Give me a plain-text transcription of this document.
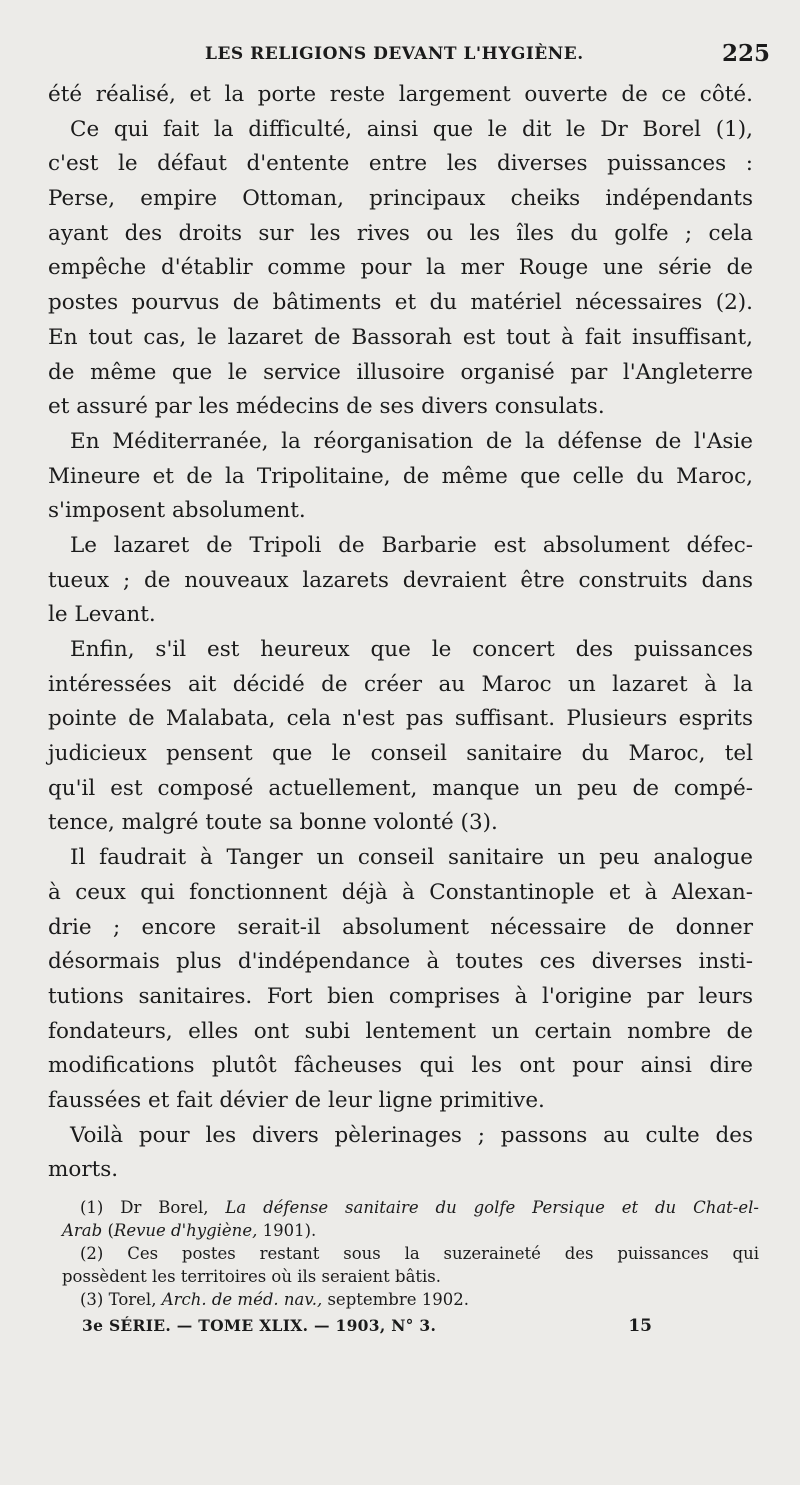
LES RELIGIONS DEVANT L'HYGIÈNE.	225
été réalisé, et la porte reste largement ouverte de ce côté.
Ce qui fait la difficulté, ainsi que le dit le Dr Borel (1),
c'est le défaut d'entente entre les diverses puissances :
Perse, empire Ottoman, principaux cheiks indépendants
ayant des droits sur les rives ou les îles du golfe ; cela
empêche d'établir comme pour la mer Rouge une série de
postes pourvus de bâtiments et du matériel nécessaires (2).
En tout cas, le lazaret de Bassorah est tout à fait insuffisant,
de même que le service illusoire organisé par l'Angleterre
et assuré par les médecins de ses divers consulats.
En Méditerranée, la réorganisation de la défense de l'Asie
Mineure et de la Tripolitaine, de même que celle du Maroc,
s'imposent absolument.
Le lazaret de Tripoli de Barbarie est absolument défec-
tueux ; de nouveaux lazarets devraient être construits dans
le Levant.
Enfin, s'il est heureux que le concert des puissances
intéressées ait décidé de créer au Maroc un lazaret à la
pointe de Malabata, cela n'est pas suffisant. Plusieurs esprits
judicieux pensent que le conseil sanitaire du Maroc, tel
qu'il est composé actuellement, manque un peu de compé-
tence, malgré toute sa bonne volonté (3).
Il faudrait à Tanger un conseil sanitaire un peu analogue
à ceux qui fonctionnent déjà à Constantinople et à Alexan-
drie ; encore serait-il absolument nécessaire de donner
désormais plus d'indépendance à toutes ces diverses insti-
tutions sanitaires. Fort bien comprises à l'origine par leurs
fondateurs, elles ont subi lentement un certain nombre de
modifications plutôt fâcheuses qui les ont pour ainsi dire
faussées et fait dévier de leur ligne primitive.
Voilà pour les divers pèlerinages ; passons au culte des
morts.
(1) Dr Borel, La défense sanitaire du golfe Persique et du Chat-el-
Arab (Revue d'hygiène, 1901).
(2) Ces postes restant sous la suzeraineté des puissances qui
possèdent les territoires où ils seraient bâtis.
(3) Torel, Arch. de méd. nav., septembre 1902.
3e SÉRIE. — TOME XLIX. — 1903, N° 3.	15
